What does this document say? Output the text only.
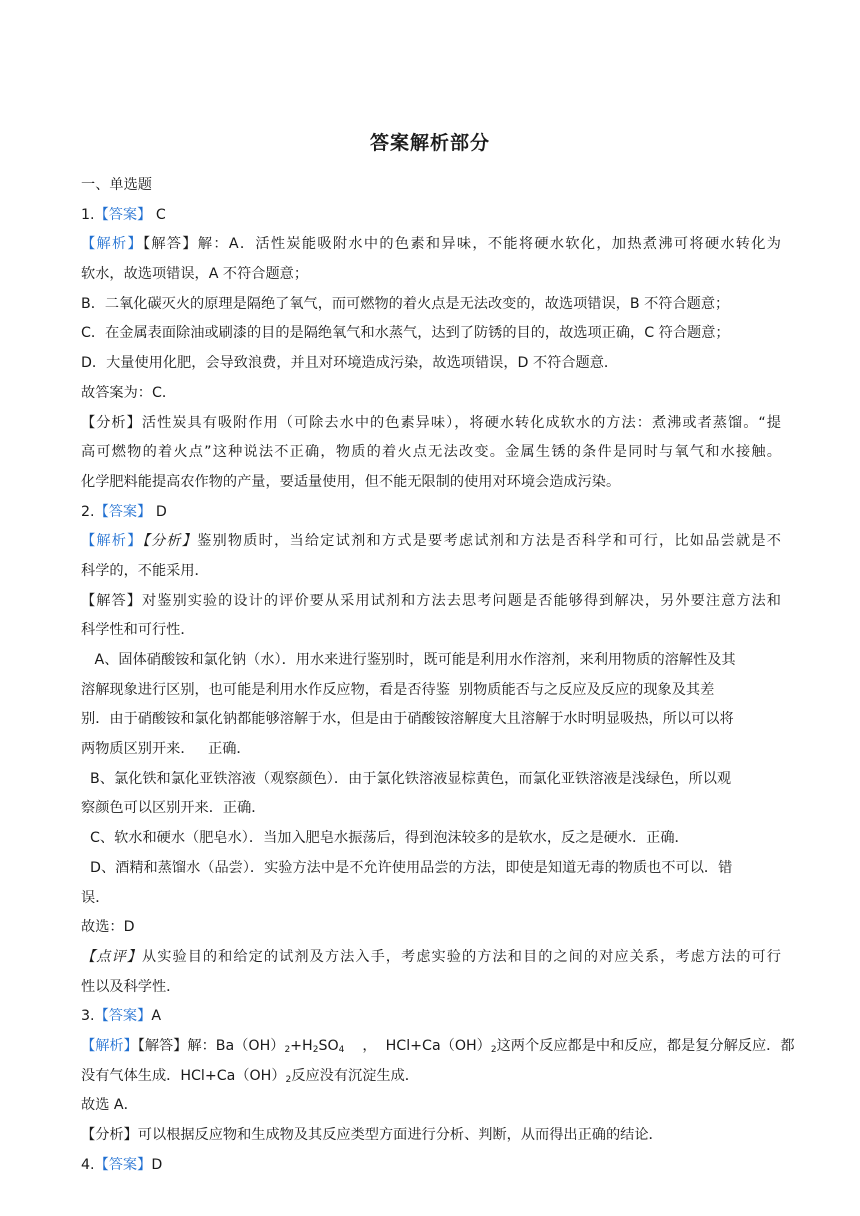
答案解析部分
一、单选题
1.【答案】 C
【解析】【解答】解：A．活性炭能吸附水中的色素和异味，不能将硬水软化，加热煮沸可将硬水转化为
软水，故选项错误，A 不符合题意；
B．二氧化碳灭火的原理是隔绝了氧气，而可燃物的着火点是无法改变的，故选项错误，B 不符合题意；
C．在金属表面除油或刷漆的目的是隔绝氧气和水蒸气，达到了防锈的目的，故选项正确，C 符合题意；
D．大量使用化肥，会导致浪费，并且对环境造成污染，故选项错误，D 不符合题意．
故答案为：C．
【分析】活性炭具有吸附作用（可除去水中的色素异味），将硬水转化成软水的方法：煮沸或者蒸馏。“提
高可燃物的着火点”这种说法不正确，物质的着火点无法改变。金属生锈的条件是同时与氧气和水接触。
化学肥料能提高农作物的产量，要适量使用，但不能无限制的使用对环境会造成污染。
2.【答案】 D
【解析】【分析】鉴别物质时，当给定试剂和方式是要考虑试剂和方法是否科学和可行，比如品尝就是不
科学的，不能采用．
【解答】对鉴别实验的设计的评价要从采用试剂和方法去思考问题是否能够得到解决，另外要注意方法和
科学性和可行性．
A、固体硝酸铵和氯化钠（水）．用水来进行鉴别时，既可能是利用水作溶剂，来利用物质的溶解性及其
溶解现象进行区别，也可能是利用水作反应物，看是否待鉴  别物质能否与之反应及反应的现象及其差
别．由于硝酸铵和氯化钠都能够溶解于水，但是由于硝酸铵溶解度大且溶解于水时明显吸热，所以可以将
两物质区别开来．   正确．
B、氯化铁和氯化亚铁溶液（观察颜色）．由于氯化铁溶液显棕黄色，而氯化亚铁溶液是浅绿色，所以观
察颜色可以区别开来．正确．
C、软水和硬水（肥皂水）．当加入肥皂水振荡后，得到泡沫较多的是软水，反之是硬水．正确．
D、酒精和蒸馏水（品尝）．实验方法中是不允许使用品尝的方法，即使是知道无毒的物质也不可以．错
误．
故选：D
【点评】从实验目的和给定的试剂及方法入手，考虑实验的方法和目的之间的对应关系，考虑方法的可行
性以及科学性．
3.【答案】A
【解析】【解答】解：$Ba(OH)_2+H_2SO_4$    ，  $HCl+Ca(OH)_2$这两个反应都是中和反应，都是复分解反应．都
没有气体生成．$HCl+Ca(OH)_2$反应没有沉淀生成．
故选 A．
【分析】可以根据反应物和生成物及其反应类型方面进行分析、判断，从而得出正确的结论．
4.【答案】D
